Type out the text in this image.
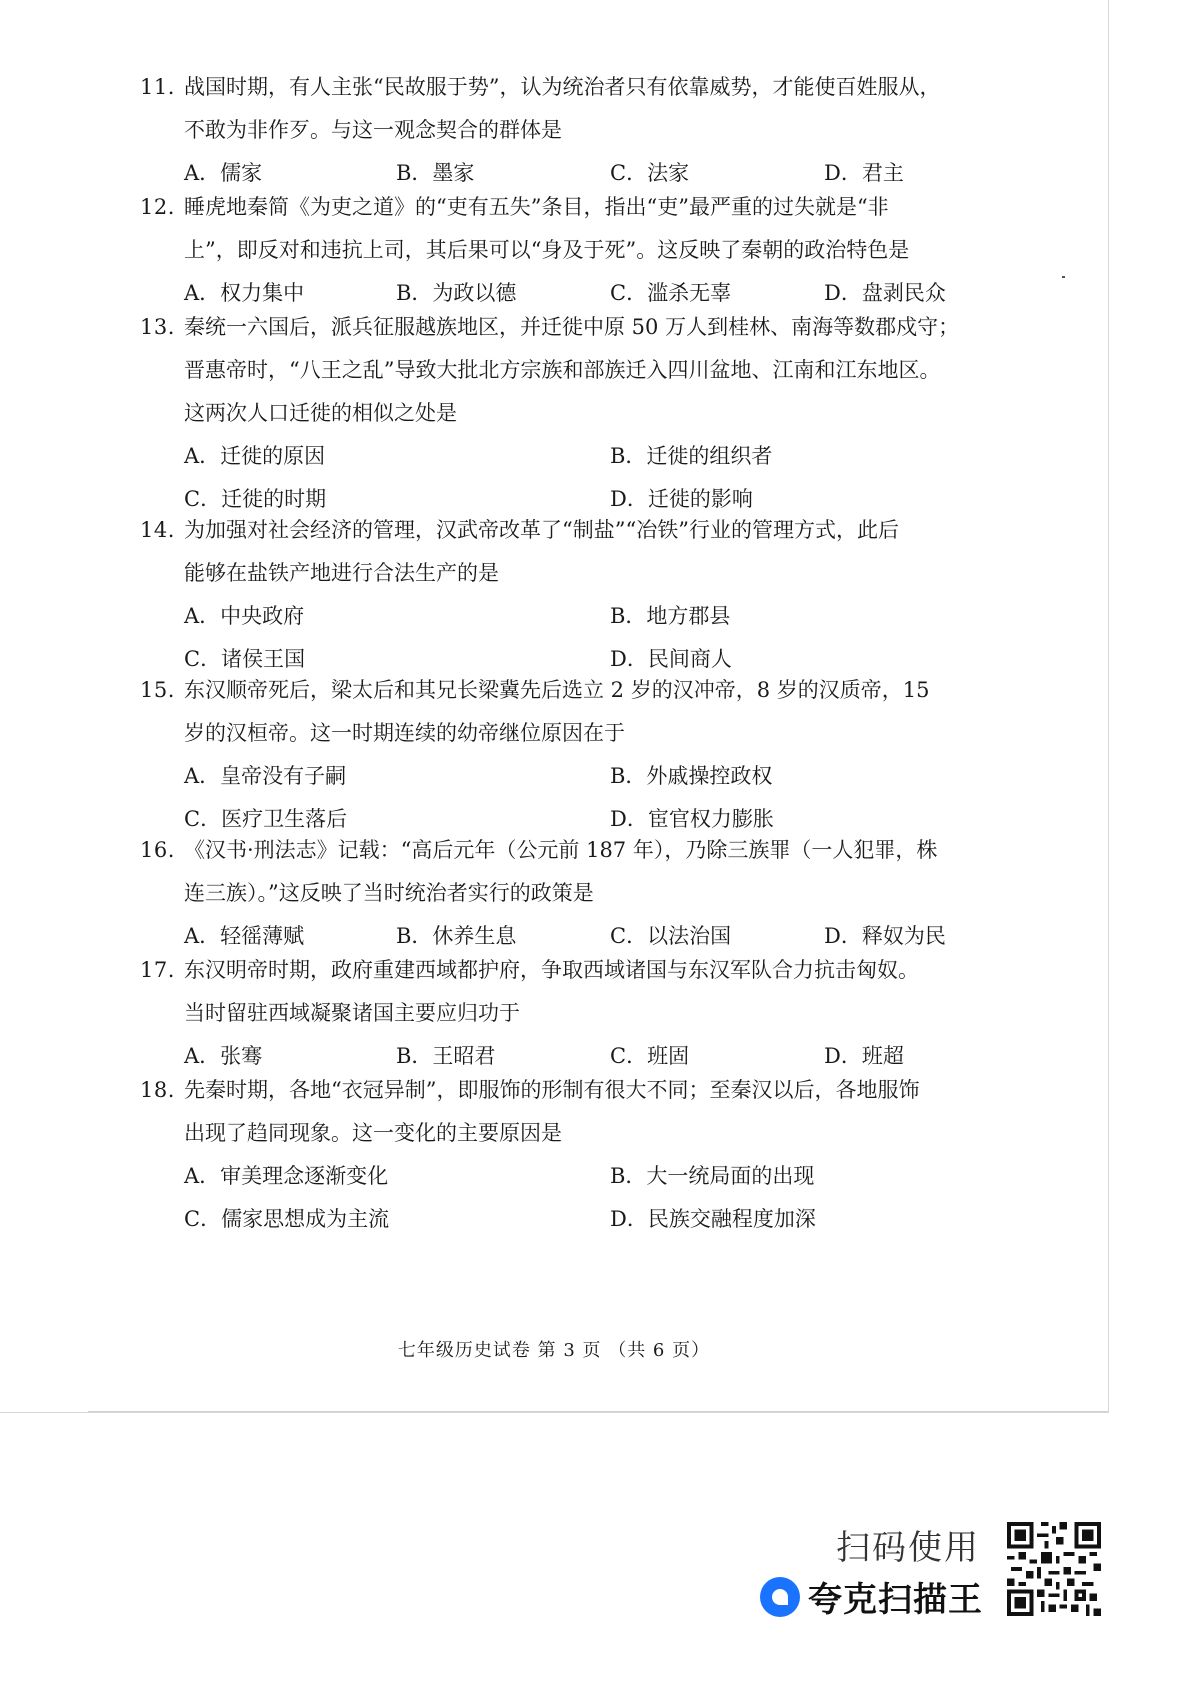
11. 战国时期，有人主张“民故服于势”，认为统治者只有依靠威势，才能使百姓服从，
不敢为非作歹。与这一观念契合的群体是
A．儒家	B．墨家	C．法家	D．君主
12. 睡虎地秦简《为吏之道》的“吏有五失”条目，指出“吏”最严重的过失就是“非
上”，即反对和违抗上司，其后果可以“身及于死”。这反映了秦朝的政治特色是
A．权力集中	B．为政以德	C．滥杀无辜	D．盘剥民众
13. 秦统一六国后，派兵征服越族地区，并迁徙中原 50 万人到桂林、南海等数郡戍守；
晋惠帝时，“八王之乱”导致大批北方宗族和部族迁入四川盆地、江南和江东地区。
这两次人口迁徙的相似之处是
A．迁徙的原因	B．迁徙的组织者
C．迁徙的时期	D．迁徙的影响
14. 为加强对社会经济的管理，汉武帝改革了“制盐”“冶铁”行业的管理方式，此后
能够在盐铁产地进行合法生产的是
A．中央政府	B．地方郡县
C．诸侯王国	D．民间商人
15. 东汉顺帝死后，梁太后和其兄长梁冀先后选立 2 岁的汉冲帝，8 岁的汉质帝，15
岁的汉桓帝。这一时期连续的幼帝继位原因在于
A．皇帝没有子嗣	B．外戚操控政权
C．医疗卫生落后	D．宦官权力膨胀
16. 《汉书·刑法志》记载：“高后元年（公元前 187 年），乃除三族罪（一人犯罪，株
连三族）。”这反映了当时统治者实行的政策是
A．轻徭薄赋	B．休养生息	C．以法治国	D．释奴为民
17. 东汉明帝时期，政府重建西域都护府，争取西域诸国与东汉军队合力抗击匈奴。
当时留驻西域凝聚诸国主要应归功于
A．张骞	B．王昭君	C．班固	D．班超
18. 先秦时期，各地“衣冠异制”，即服饰的形制有很大不同；至秦汉以后，各地服饰
出现了趋同现象。这一变化的主要原因是
A．审美理念逐渐变化	B．大一统局面的出现
C．儒家思想成为主流	D．民族交融程度加深
七年级历史试卷 第 3 页 （共 6 页）
扫码使用
夸克扫描王
